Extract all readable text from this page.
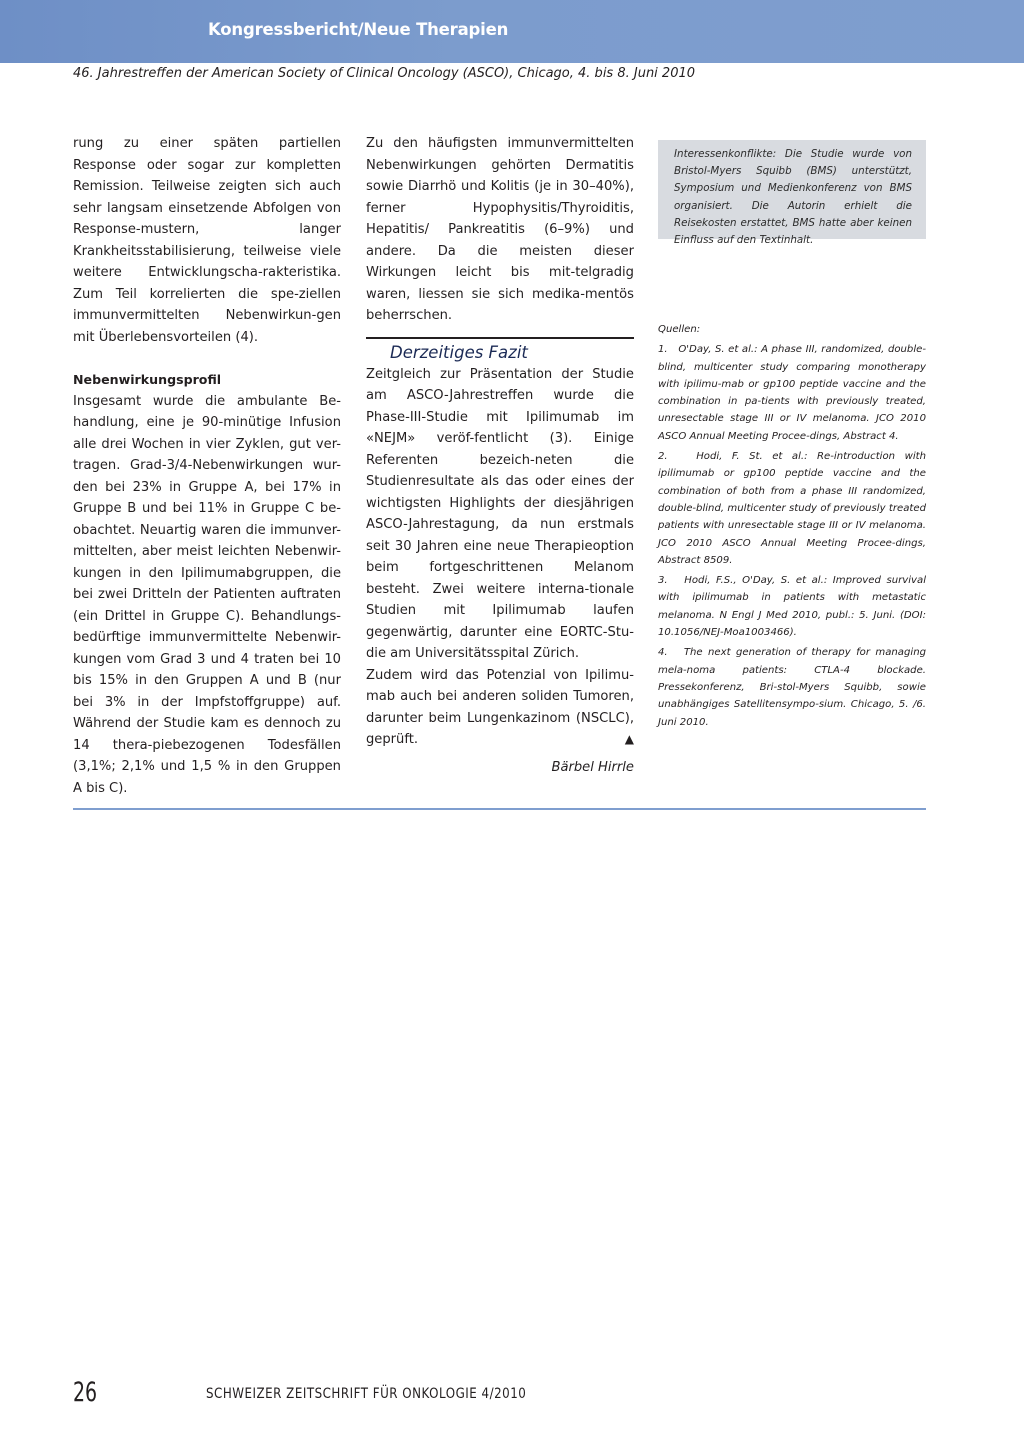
Kongressbericht/Neue Therapien
46. Jahrestreffen der American Society of Clinical Oncology (ASCO), Chicago, 4. bis 8. Juni 2010

rung zu einer späten partiellen Response oder sogar zur kompletten Remission. Teilweise zeigten sich auch sehr langsam einsetzende Abfolgen von Response-mustern, langer Krankheitsstabilisierung, teilweise viele weitere Entwicklungscha-rakteristika. Zum Teil korrelierten die spe-ziellen immunvermittelten Nebenwirkun-gen mit Überlebensvorteilen (4).

Nebenwirkungsprofil

Insgesamt wurde die ambulante Be-handlung, eine je 90-minütige Infusion alle drei Wochen in vier Zyklen, gut ver-tragen. Grad-3/4-Nebenwirkungen wur-den bei 23% in Gruppe A, bei 17% in Gruppe B und bei 11% in Gruppe C be-obachtet. Neuartig waren die immunver-mittelten, aber meist leichten Nebenwir-kungen in den Ipilimumabgruppen, die bei zwei Dritteln der Patienten auftraten (ein Drittel in Gruppe C). Behandlungs-bedürftige immunvermittelte Nebenwir-kungen vom Grad 3 und 4 traten bei 10 bis 15% in den Gruppen A und B (nur bei 3% in der Impfstoffgruppe) auf. Während der Studie kam es dennoch zu 14 thera-piebezogenen Todesfällen (3,1%; 2,1% und 1,5 % in den Gruppen A bis C).

Zu den häufigsten immunvermittelten Nebenwirkungen gehörten Dermatitis sowie Diarrhö und Kolitis (je in 30–40%), ferner Hypophysitis/Thyroiditis, Hepatitis/ Pankreatitis (6–9%) und andere. Da die meisten dieser Wirkungen leicht bis mit-telgradig waren, liessen sie sich medika-mentös beherrschen.

Derzeitiges Fazit

Zeitgleich zur Präsentation der Studie am ASCO-Jahrestreffen wurde die Phase-III-Studie mit Ipilimumab im «NEJM» veröf-fentlicht (3). Einige Referenten bezeich-neten die Studienresultate als das oder eines der wichtigsten Highlights der diesjährigen ASCO-Jahrestagung, da nun erstmals seit 30 Jahren eine neue Therapieoption beim fortgeschrittenen Melanom besteht. Zwei weitere interna-tionale Studien mit Ipilimumab laufen gegenwärtig, darunter eine EORTC-Stu-die am Universitätsspital Zürich.

Zudem wird das Potenzial von Ipilimu-mab auch bei anderen soliden Tumoren, darunter beim Lungenkazinom (NSCLC), geprüft.	▲

Bärbel Hirrle

Interessenkonflikte: Die Studie wurde von Bristol-Myers Squibb (BMS) unterstützt, Symposium und Medienkonferenz von BMS organisiert. Die Autorin erhielt die Reisekosten erstattet, BMS hatte aber keinen Einfluss auf den Textinhalt.

Quellen:

1.   O'Day, S. et al.: A phase III, randomized, double-blind, multicenter study comparing monotherapy with ipilimu-mab or gp100 peptide vaccine and the combination in pa-tients with previously treated, unresectable stage III or IV melanoma. JCO 2010 ASCO Annual Meeting Procee-dings, Abstract 4.
2.   Hodi, F. St. et al.: Re-introduction with ipilimumab or gp100 peptide vaccine and the combination of both from a phase III randomized, double-blind, multicenter study of previously treated patients with unresectable stage III or IV melanoma. JCO 2010 ASCO Annual Meeting Procee-dings, Abstract 8509.
3.   Hodi, F.S., O'Day, S. et al.: Improved survival with ipilimumab in patients with metastatic melanoma. N Engl J Med 2010, publ.: 5. Juni. (DOI: 10.1056/NEJ-Moa1003466).
4.   The next generation of therapy for managing mela-noma patients: CTLA-4 blockade. Pressekonferenz, Bri-stol-Myers Squibb, sowie unabhängiges Satellitensympo-sium. Chicago, 5. /6. Juni 2010.
26	SCHWEIZER ZEITSCHRIFT FÜR ONKOLOGIE 4/2010
